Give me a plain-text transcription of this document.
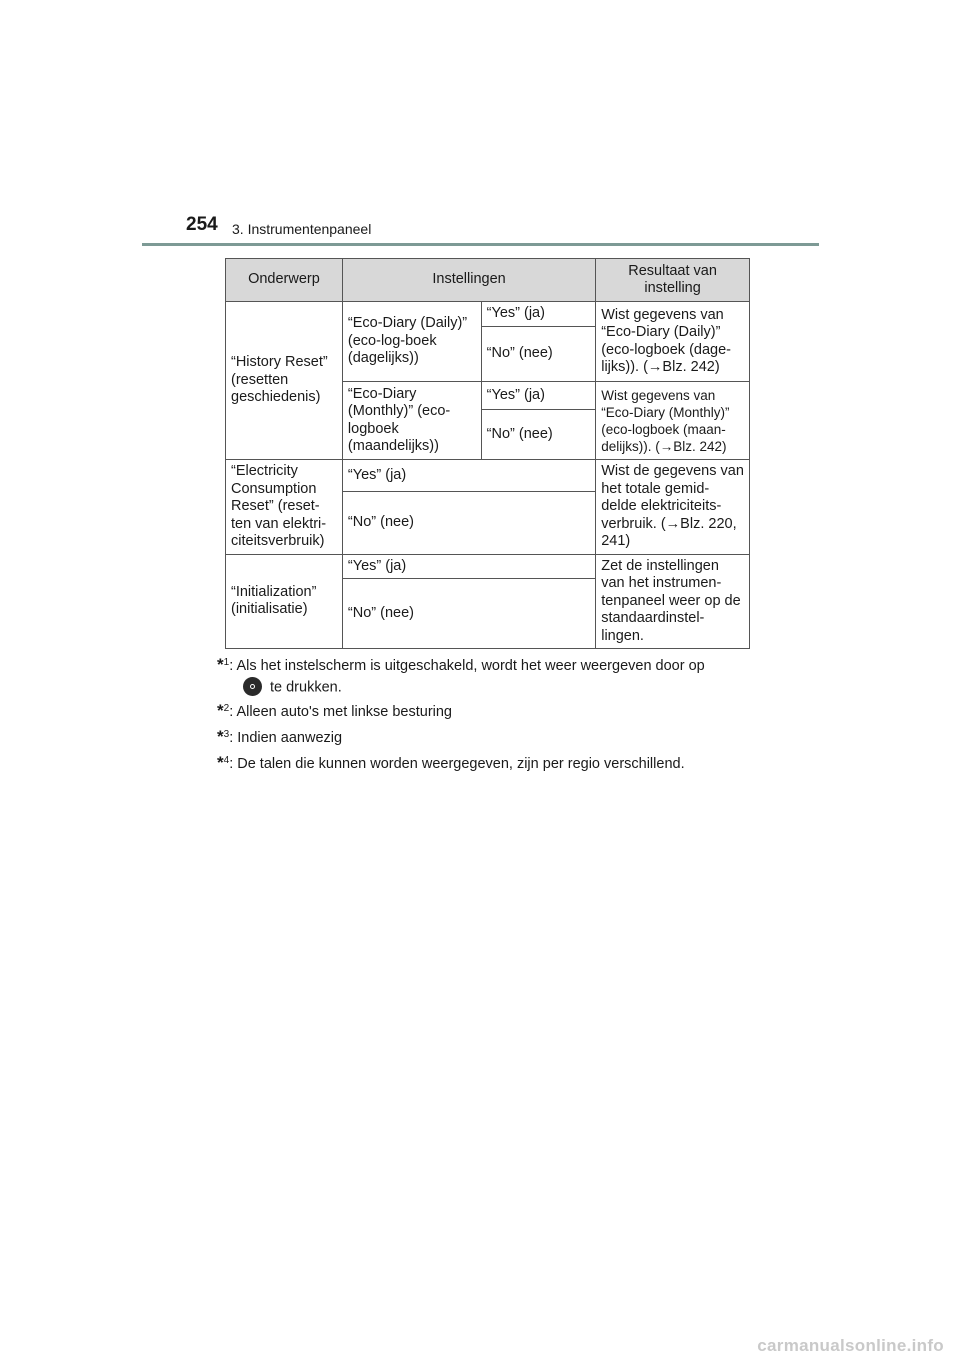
254 3. Instrumentenpaneel
Onderwerp	Instellingen		Resultaat van instelling
“History Reset” (resetten geschiedenis)	“Eco-Diary (Daily)” (eco-log-boek (dagelijks))	“Yes” (ja)	Wist gegevens van “Eco-Diary (Daily)” (eco-logboek (dage-lijks)). (→Blz. 242)
		“No” (nee)	
	“Eco-Diary (Monthly)” (eco-logboek (maandelijks))	“Yes” (ja)	Wist gegevens van “Eco-Diary (Monthly)” (eco-logboek (maan-delijks)). (→Blz. 242)
		“No” (nee)	
“Electricity Consumption Reset” (reset-ten van elektri-citeitsverbruik)	“Yes” (ja)		Wist de gegevens van het totale gemid-delde elektriciteits-verbruik. (→Blz. 220, 241)
	“No” (nee)		
“Initialization” (initialisatie)	“Yes” (ja)		Zet de instellingen van het instrumen-tenpaneel weer op de standaardinstel-lingen.
	“No” (nee)		
*$^1$: Als het instelscherm is uitgeschakeld, wordt het weer weergeven door op
te drukken.
*$^2$: Alleen auto's met linkse besturing
*$^3$: Indien aanwezig
*$^4$: De talen die kunnen worden weergegeven, zijn per regio verschillend.
carmanualsonline.info
